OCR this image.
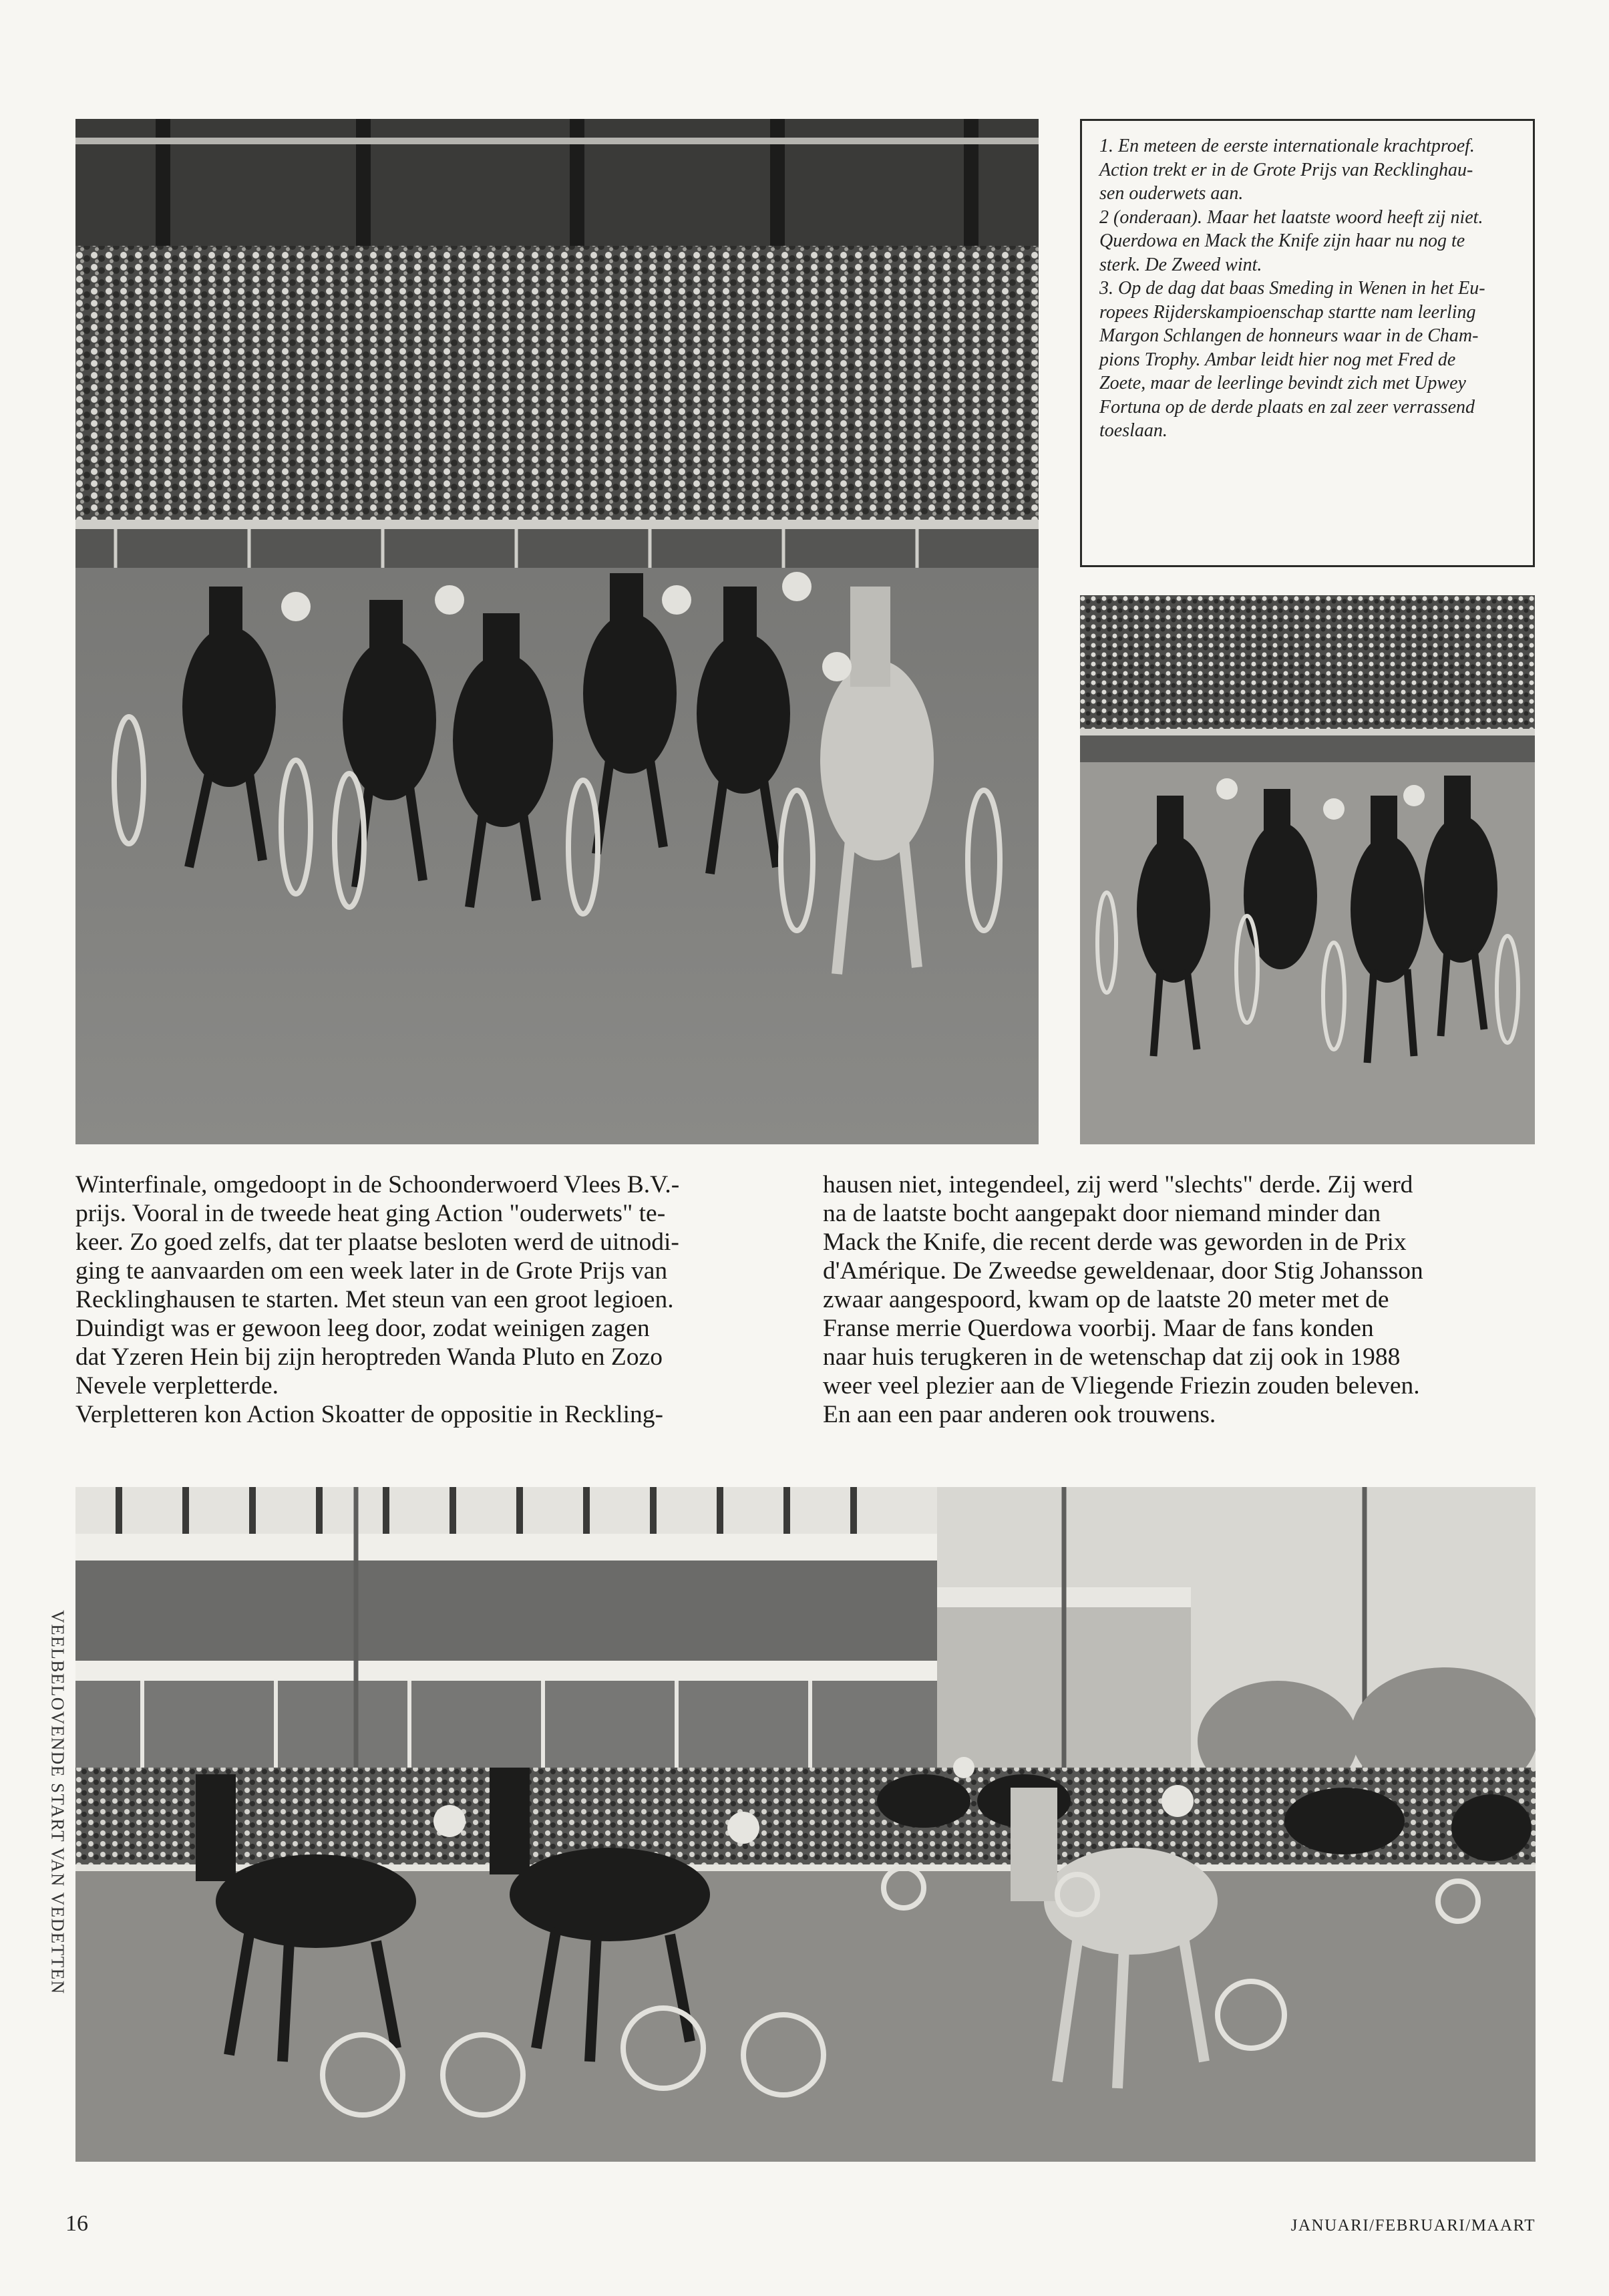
1. En meteen de eerste internationale krachtproef.

Action trekt er in de Grote Prijs van Recklinghau-

sen ouderwets aan.

2 (onderaan). Maar het laatste woord heeft zij niet.

Querdowa en Mack the Knife zijn haar nu nog te

sterk. De Zweed wint.

3. Op de dag dat baas Smeding in Wenen in het Eu-

ropees Rijderskampioenschap startte nam leerling

Margon Schlangen de honneurs waar in de Cham-

pions Trophy. Ambar leidt hier nog met Fred de

Zoete, maar de leerlinge bevindt zich met Upwey

Fortuna op de derde plaats en zal zeer verrassend

toeslaan.

Winterfinale, omgedoopt in de Schoonderwoerd Vlees B.V.-

prijs. Vooral in de tweede heat ging Action "ouderwets" te-

keer. Zo goed zelfs, dat ter plaatse besloten werd de uitnodi-

ging te aanvaarden om een week later in de Grote Prijs van

Recklinghausen te starten. Met steun van een groot legioen.

Duindigt was er gewoon leeg door, zodat weinigen zagen

dat Yzeren Hein bij zijn heroptreden Wanda Pluto en Zozo

Nevele verpletterde.

Verpletteren kon Action Skoatter de oppositie in Reckling-

hausen niet, integendeel, zij werd "slechts" derde. Zij werd

na de laatste bocht aangepakt door niemand minder dan

Mack the Knife, die recent derde was geworden in de Prix

d'Amérique. De Zweedse geweldenaar, door Stig Johansson

zwaar aangespoord, kwam op de laatste 20 meter met de

Franse merrie Querdowa voorbij. Maar de fans konden

naar huis terugkeren in de wetenschap dat zij ook in 1988

weer veel plezier aan de Vliegende Friezin zouden beleven.

En aan een paar anderen ook trouwens.

VEELBELOVENDE START VAN VEDETTEN
16	JANUARI/FEBRUARI/MAART
